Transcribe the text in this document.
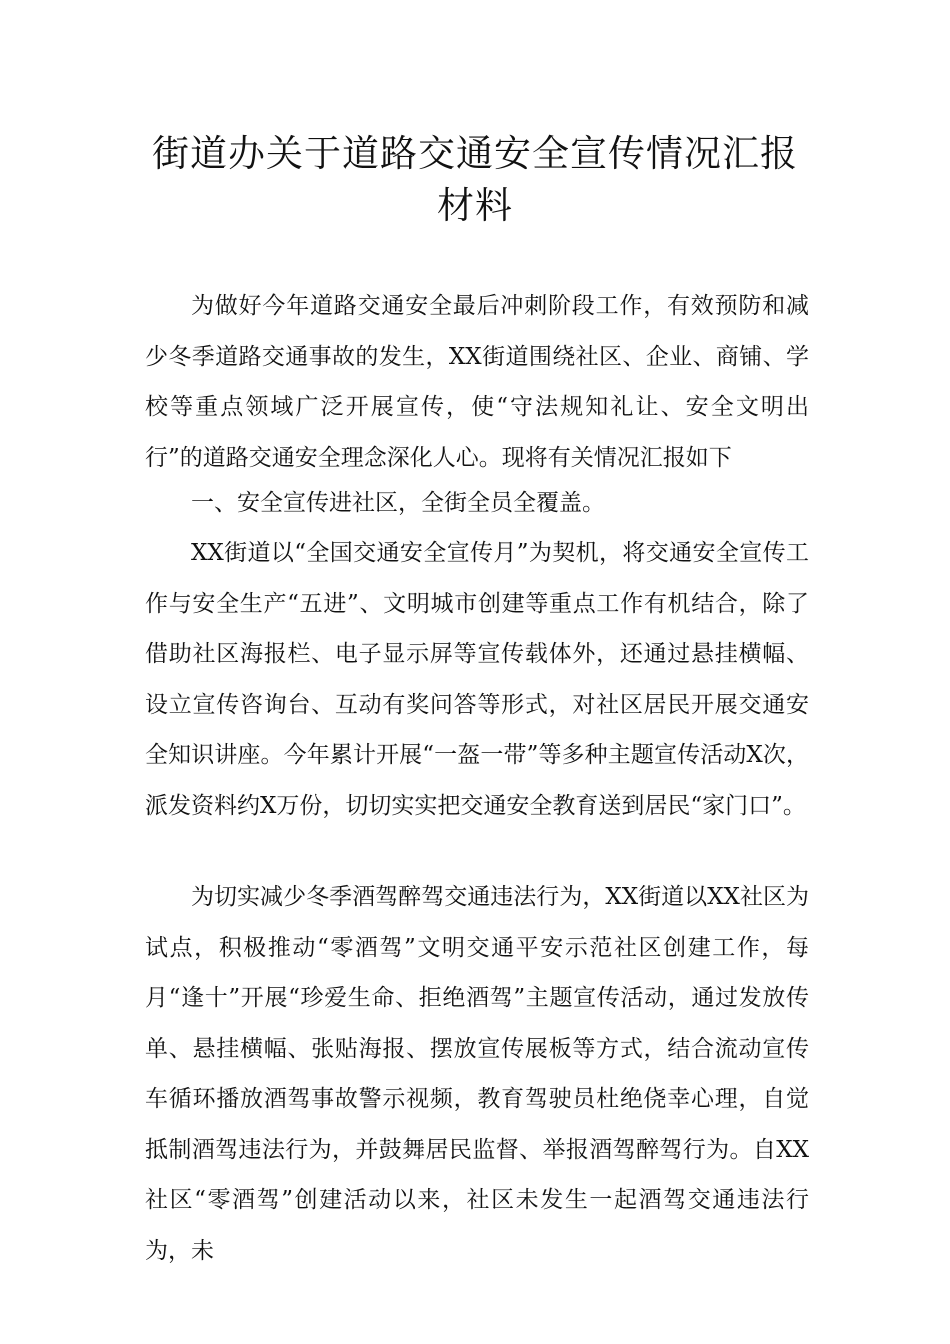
街道办关于道路交通安全宣传情况汇报
材料

为做好今年道路交通安全最后冲刺阶段工作，有效预防和减少冬季道路交通事故的发生，XX街道围绕社区、企业、商铺、学校等重点领域广泛开展宣传，使“守法规知礼让、安全文明出行”的道路交通安全理念深化人心。现将有关情况汇报如下

一、安全宣传进社区，全街全员全覆盖。

XX街道以“全国交通安全宣传月”为契机，将交通安全宣传工作与安全生产“五进”、文明城市创建等重点工作有机结合，除了借助社区海报栏、电子显示屏等宣传载体外，还通过悬挂横幅、设立宣传咨询台、互动有奖问答等形式，对社区居民开展交通安全知识讲座。今年累计开展“一盔一带”等多种主题宣传活动X次，派发资料约X万份，切切实实把交通安全教育送到居民“家门口”。

为切实减少冬季酒驾醉驾交通违法行为，XX街道以XX社区为试点，积极推动“零酒驾”文明交通平安示范社区创建工作，每月“逢十”开展“珍爱生命、拒绝酒驾”主题宣传活动，通过发放传单、悬挂横幅、张贴海报、摆放宣传展板等方式，结合流动宣传车循环播放酒驾事故警示视频，教育驾驶员杜绝侥幸心理，自觉抵制酒驾违法行为，并鼓舞居民监督、举报酒驾醉驾行为。自XX社区“零酒驾”创建活动以来，社区未发生一起酒驾交通违法行为，未
